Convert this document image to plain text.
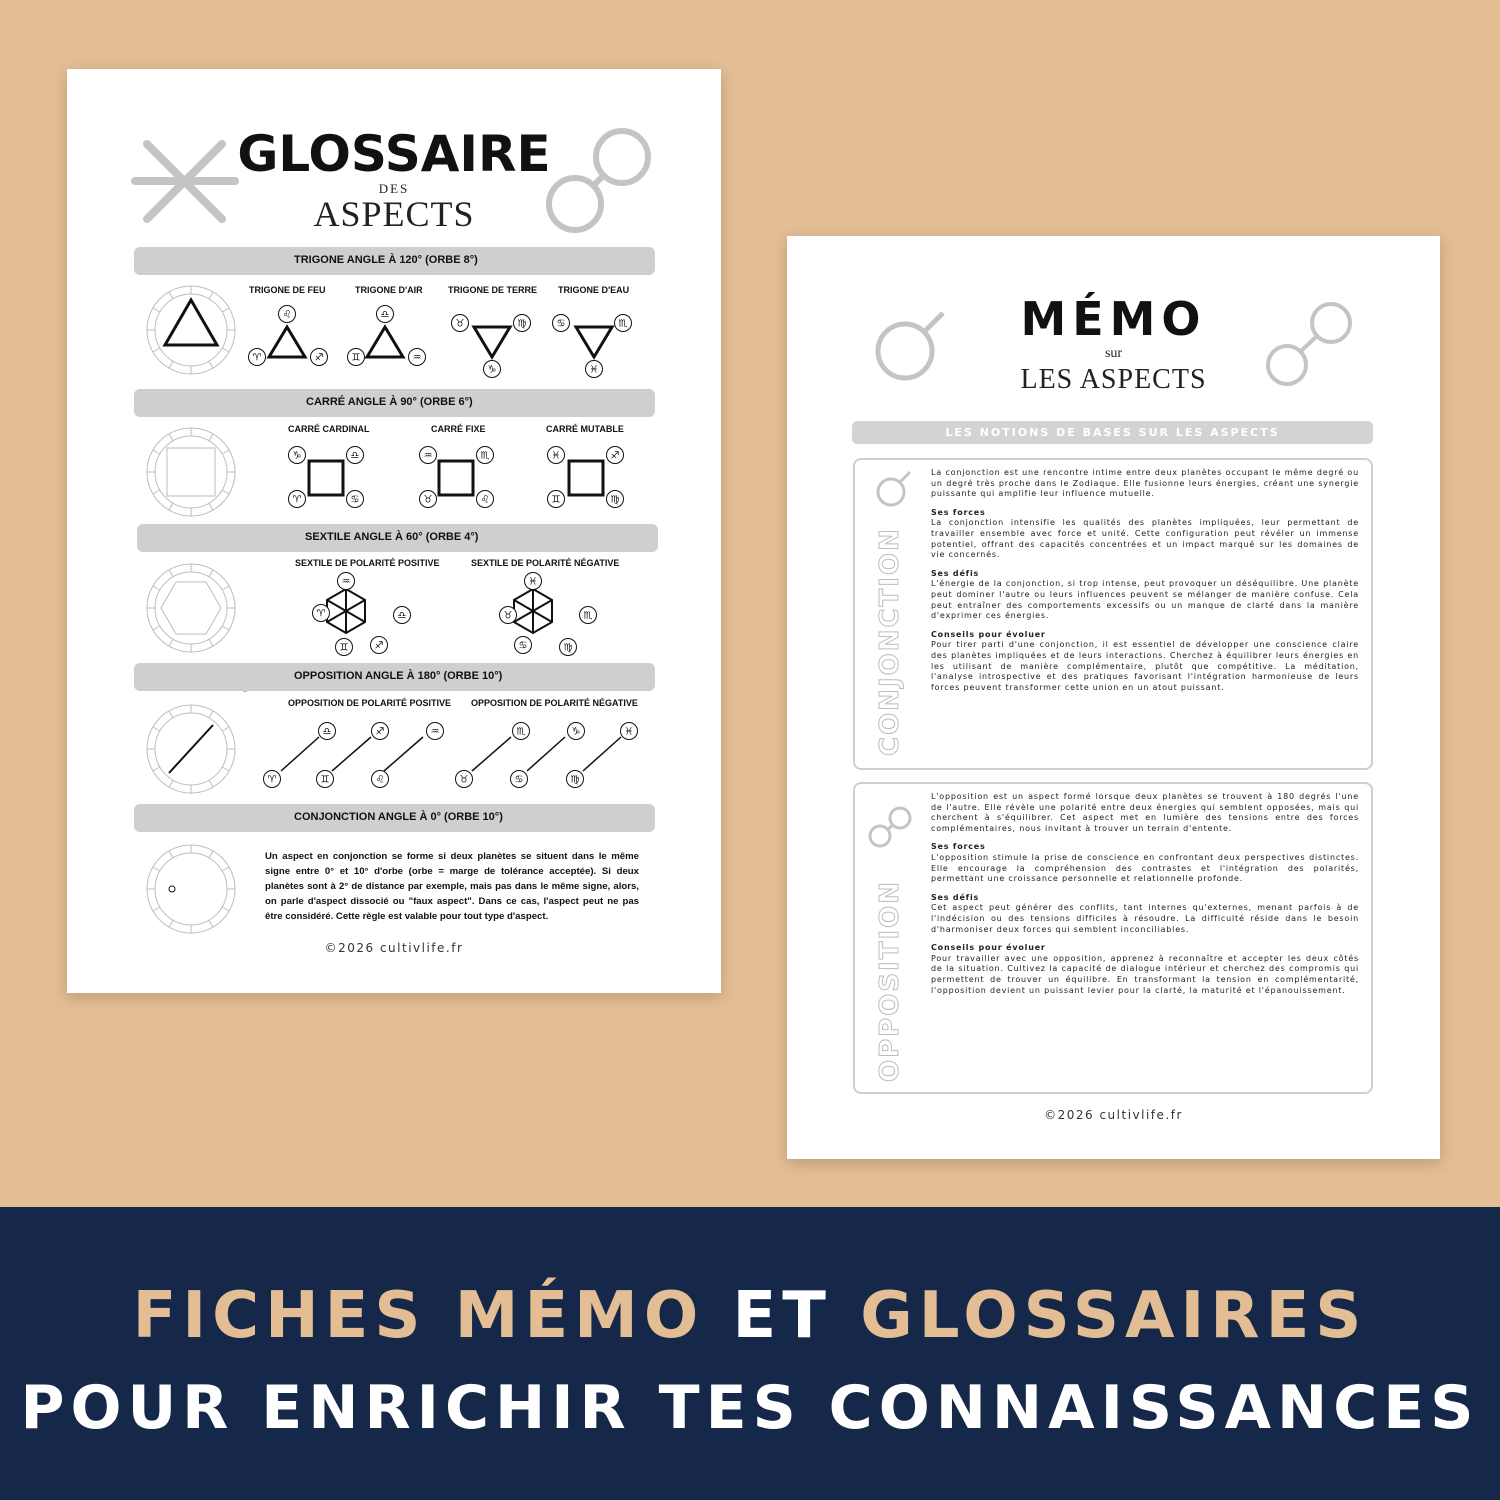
♌
♈	♐
♎
♊	♒
♉	♍
♑
♋	♏
♓
♑	♎
♈	♋
♒	♏
♉	♌
♓	♐
♊	♍
♒
♈	♎
♊	♐
♓
♉	♏
♋	♍
♎	♐	♒
♈	♊	♌
♏	♑	♓
♉	♋	♍
GLOSSAIRE
DES
ASPECTS
TRIGONE ANGLE À 120° (ORBE 8°)
TRIGONE DE FEU	TRIGONE D'AIR	TRIGONE DE TERRE TRIGONE D'EAU
CARRÉ ANGLE À 90° (ORBE 6°)
CARRÉ CARDINAL	CARRÉ FIXE	CARRÉ MUTABLE
SEXTILE ANGLE À 60° (ORBE 4°)
SEXTILE DE POLARITÉ POSITIVE	SEXTILE DE POLARITÉ NÉGATIVE
OPPOSITION ANGLE À 180° (ORBE 10°)
OPPOSITION DE POLARITÉ POSITIVE OPPOSITION DE POLARITÉ NÉGATIVE
CONJONCTION ANGLE À 0° (ORBE 10°)
Un aspect en conjonction se forme si deux planètes se situent dans le même signe entre 0° et 10° d'orbe (orbe = marge de tolérance acceptée). Si deux planètes sont à 2° de distance par exemple, mais pas dans le même signe, alors, on parle d'aspect dissocié ou "faux aspect". Dans ce cas, l'aspect peut ne pas être considéré. Cette règle est valable pour tout type d'aspect.
©2026 cultivlife.fr
MÉMO
sur
LES ASPECTS
LES NOTIONS DE BASES SUR LES ASPECTS
CONJONCTION

La conjonction est une rencontre intime entre deux planètes occupant le même degré ou un degré très proche dans le Zodiaque. Elle fusionne leurs énergies, créant une synergie puissante qui amplifie leur influence mutuelle.

Ses forces
La conjonction intensifie les qualités des planètes impliquées, leur permettant de travailler ensemble avec force et unité. Cette configuration peut révéler un immense potentiel, offrant des capacités concentrées et un impact marqué sur les domaines de vie concernés.

Ses défis
L'énergie de la conjonction, si trop intense, peut provoquer un déséquilibre. Une planète peut dominer l'autre ou leurs influences peuvent se mélanger de manière confuse. Cela peut entraîner des comportements excessifs ou un manque de clarté dans la manière d'exprimer ces énergies.

Conseils pour évoluer
Pour tirer parti d'une conjonction, il est essentiel de développer une conscience claire des planètes impliquées et de leurs interactions. Cherchez à équilibrer leurs énergies en les utilisant de manière complémentaire, plutôt que compétitive. La méditation, l'analyse introspective et des pratiques favorisant l'intégration harmonieuse de leurs forces peuvent transformer cette union en un atout puissant.

OPPOSITION

L'opposition est un aspect formé lorsque deux planètes se trouvent à 180 degrés l'une de l'autre. Elle révèle une polarité entre deux énergies qui semblent opposées, mais qui cherchent à s'équilibrer. Cet aspect met en lumière des tensions entre des forces complémentaires, nous invitant à trouver un terrain d'entente.

Ses forces
L'opposition stimule la prise de conscience en confrontant deux perspectives distinctes. Elle encourage la compréhension des contrastes et l'intégration des polarités, permettant une croissance personnelle et relationnelle profonde.

Ses défis
Cet aspect peut générer des conflits, tant internes qu'externes, menant parfois à de l'indécision ou des tensions difficiles à résoudre. La difficulté réside dans le besoin d'harmoniser deux forces qui semblent inconciliables.

Conseils pour évoluer
Pour travailler avec une opposition, apprenez à reconnaître et accepter les deux côtés de la situation. Cultivez la capacité de dialogue intérieur et cherchez des compromis qui permettent de trouver un équilibre. En transformant la tension en complémentarité, l'opposition devient un puissant levier pour la clarté, la maturité et l'épanouissement.

©2026 cultivlife.fr
FICHES MÉMO ET GLOSSAIRES
POUR ENRICHIR TES CONNAISSANCES
